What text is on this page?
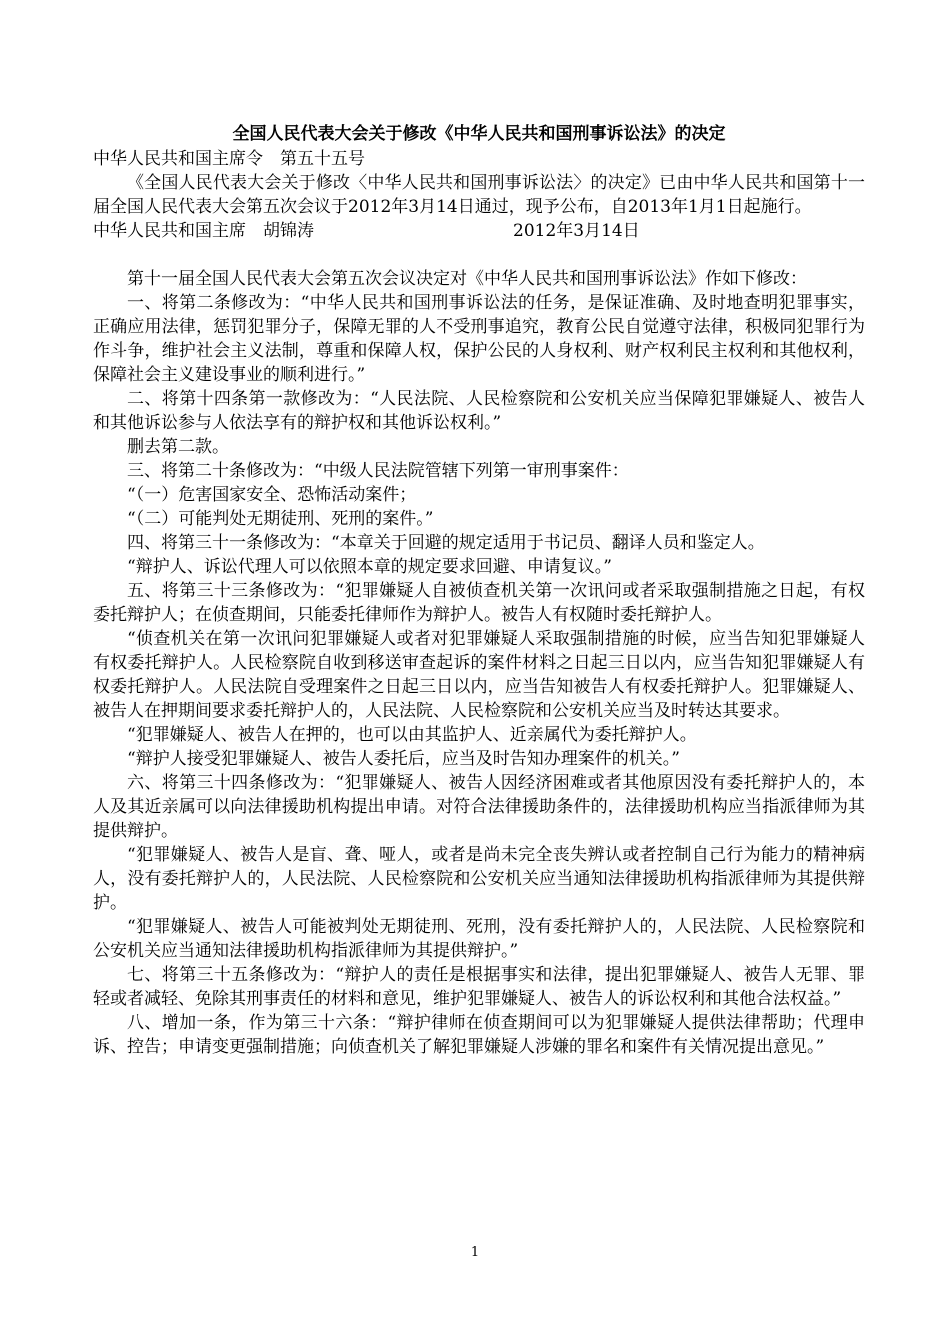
全国人民代表大会关于修改《中华人民共和国刑事诉讼法》的决定

中华人民共和国主席令　第五十五号

《全国人民代表大会关于修改〈中华人民共和国刑事诉讼法〉的决定》已由中华人民共和国第十一届全国人民代表大会第五次会议于2012年3月14日通过，现予公布，自2013年1月1日起施行。

中华人民共和国主席　胡锦涛	2012年3月14日

第十一届全国人民代表大会第五次会议决定对《中华人民共和国刑事诉讼法》作如下修改：

一、将第二条修改为：“中华人民共和国刑事诉讼法的任务，是保证准确、及时地查明犯罪事实，正确应用法律，惩罚犯罪分子，保障无罪的人不受刑事追究，教育公民自觉遵守法律，积极同犯罪行为作斗争，维护社会主义法制，尊重和保障人权，保护公民的人身权利、财产权利民主权利和其他权利，保障社会主义建设事业的顺利进行。”

二、将第十四条第一款修改为：“人民法院、人民检察院和公安机关应当保障犯罪嫌疑人、被告人和其他诉讼参与人依法享有的辩护权和其他诉讼权利。”

删去第二款。

三、将第二十条修改为：“中级人民法院管辖下列第一审刑事案件：

“（一）危害国家安全、恐怖活动案件；

“（二）可能判处无期徒刑、死刑的案件。”

四、将第三十一条修改为：“本章关于回避的规定适用于书记员、翻译人员和鉴定人。

“辩护人、诉讼代理人可以依照本章的规定要求回避、申请复议。”

五、将第三十三条修改为：“犯罪嫌疑人自被侦查机关第一次讯问或者采取强制措施之日起，有权委托辩护人；在侦查期间，只能委托律师作为辩护人。被告人有权随时委托辩护人。

“侦查机关在第一次讯问犯罪嫌疑人或者对犯罪嫌疑人采取强制措施的时候，应当告知犯罪嫌疑人有权委托辩护人。人民检察院自收到移送审查起诉的案件材料之日起三日以内，应当告知犯罪嫌疑人有权委托辩护人。人民法院自受理案件之日起三日以内，应当告知被告人有权委托辩护人。犯罪嫌疑人、被告人在押期间要求委托辩护人的，人民法院、人民检察院和公安机关应当及时转达其要求。

“犯罪嫌疑人、被告人在押的，也可以由其监护人、近亲属代为委托辩护人。

“辩护人接受犯罪嫌疑人、被告人委托后，应当及时告知办理案件的机关。”

六、将第三十四条修改为：“犯罪嫌疑人、被告人因经济困难或者其他原因没有委托辩护人的，本人及其近亲属可以向法律援助机构提出申请。对符合法律援助条件的，法律援助机构应当指派律师为其提供辩护。

“犯罪嫌疑人、被告人是盲、聋、哑人，或者是尚未完全丧失辨认或者控制自己行为能力的精神病人，没有委托辩护人的，人民法院、人民检察院和公安机关应当通知法律援助机构指派律师为其提供辩护。

“犯罪嫌疑人、被告人可能被判处无期徒刑、死刑，没有委托辩护人的，人民法院、人民检察院和公安机关应当通知法律援助机构指派律师为其提供辩护。”

七、将第三十五条修改为：“辩护人的责任是根据事实和法律，提出犯罪嫌疑人、被告人无罪、罪轻或者减轻、免除其刑事责任的材料和意见，维护犯罪嫌疑人、被告人的诉讼权利和其他合法权益。”

八、增加一条，作为第三十六条：“辩护律师在侦查期间可以为犯罪嫌疑人提供法律帮助；代理申诉、控告；申请变更强制措施；向侦查机关了解犯罪嫌疑人涉嫌的罪名和案件有关情况提出意见。”

1
